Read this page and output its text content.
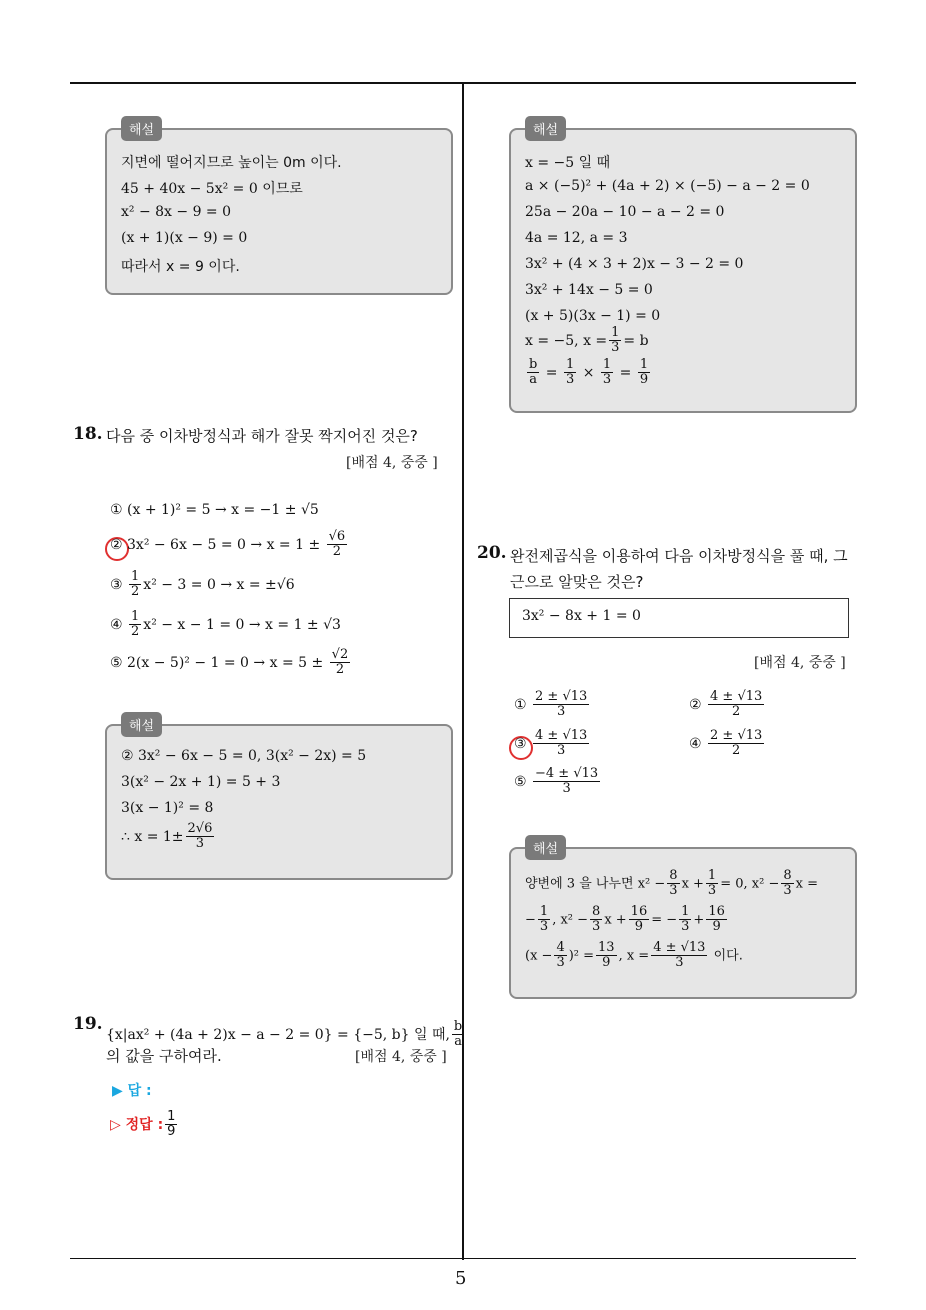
해설
지면에 떨어지므로 높이는 0m 이다.
45 + 40x − 5x² = 0 이므로
x² − 8x − 9 = 0
(x + 1)(x − 9) = 0
따라서 x = 9 이다.
18. 다음 중 이차방정식과 해가 잘못 짝지어진 것은?
[배점 4, 중중 ]
① (x + 1)² = 5 → x = −1 ± √5
② $3x^2 - 6x - 5 = 0 \to x = 1 \pm \frac{√6}{2}$
③ $\frac{1}{2} x^2 - 3 = 0 \to x = \pm√6$
④ $\frac{1}{2} x^2 - x - 1 = 0 \to x = 1 \pm √3$
⑤ $2(x - 5)^2 - 1 = 0 \to x = 5 \pm \frac{√2}{2}$
해설
② 3x² − 6x − 5 = 0, 3(x² − 2x) = 5
3(x² − 2x + 1) = 5 + 3
3(x − 1)² = 8
∴ $x = 1\pm \frac{2√6}{3}$
19.
{x|ax² + (4a + 2)x − a − 2 = 0} = {−5, b} 일 때, $\frac{b}{a}$
의 값을 구하여라.	[배점 4, 중중 ]
▶ 답 :
▷ 정답 : $\frac{1}{9}$
해설
x = −5 일 때
a × (−5)² + (4a + 2) × (−5) − a − 2 = 0
25a − 20a − 10 − a − 2 = 0
4a = 12, a = 3
3x² + (4 × 3 + 2)x − 3 − 2 = 0
3x² + 14x − 5 = 0
(x + 5)(3x − 1) = 0
x = −5, $x = \frac{1}{3} = b$
$\frac{b}{a} = \frac{1}{3} \times \frac{1}{3} = \frac{1}{9}$
20. 완전제곱식을 이용하여 다음 이차방정식을 풀 때, 그
근으로 알맞은 것은?
3x² − 8x + 1 = 0
[배점 4, 중중 ]
① $\frac{2 \pm √13}{3}$	② $\frac{4 \pm √13}{2}$
③ $\frac{4 \pm √13}{3}$	④ $\frac{2 \pm √13}{2}$
⑤ $\frac{-4 \pm √13}{3}$
해설
양변에 3 을 나누면 $x^2 - \frac{8}{3}$ $x + \frac{1}{3} = 0$, $x^2 - \frac{8}{3}$ x =
− $\frac{1}{3}$ , $x^2 - \frac{8}{3}$ $x + \frac{16}{9}$ = − $\frac{1}{3} + \frac{16}{9}$
$(x - \frac{4}{3} )^2 = \frac{13}{9}$ , $x = \frac{4 \pm √13}{3}$ 이다.
5
